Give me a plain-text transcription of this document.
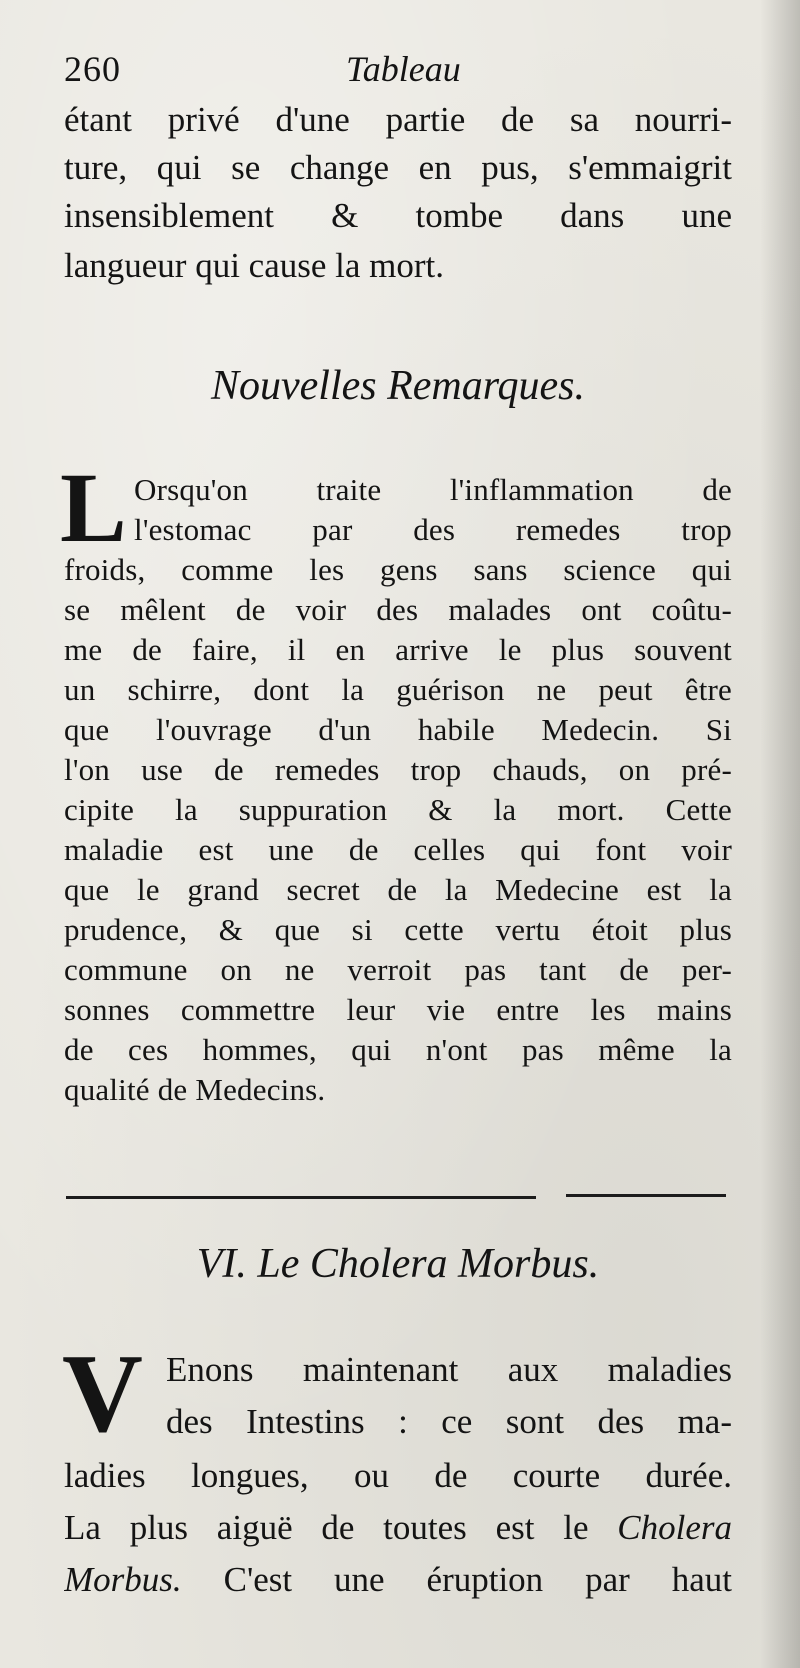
260	Tableau
étant privé d'une partie de sa nourri-
ture, qui se change en pus, s'emmaigrit
insensiblement & tombe dans une
langueur qui cause la mort.
Nouvelles Remarques.
L Orsqu'on traite l'inflammation de
l'estomac par des remedes trop
froids, comme les gens sans science qui
se mêlent de voir des malades ont coûtu-
me de faire, il en arrive le plus souvent
un schirre, dont la guérison ne peut être
que l'ouvrage d'un habile Medecin. Si
l'on use de remedes trop chauds, on pré-
cipite la suppuration & la mort. Cette
maladie est une de celles qui font voir
que le grand secret de la Medecine est la
prudence, & que si cette vertu étoit plus
commune on ne verroit pas tant de per-
sonnes commettre leur vie entre les mains
de ces hommes, qui n'ont pas même la
qualité de Medecins.
VI. Le Cholera Morbus.
V Enons maintenant aux maladies
des Intestins : ce sont des ma-
ladies longues, ou de courte durée.
La plus aiguë de toutes est le Cholera
Morbus. C'est une éruption par haut
